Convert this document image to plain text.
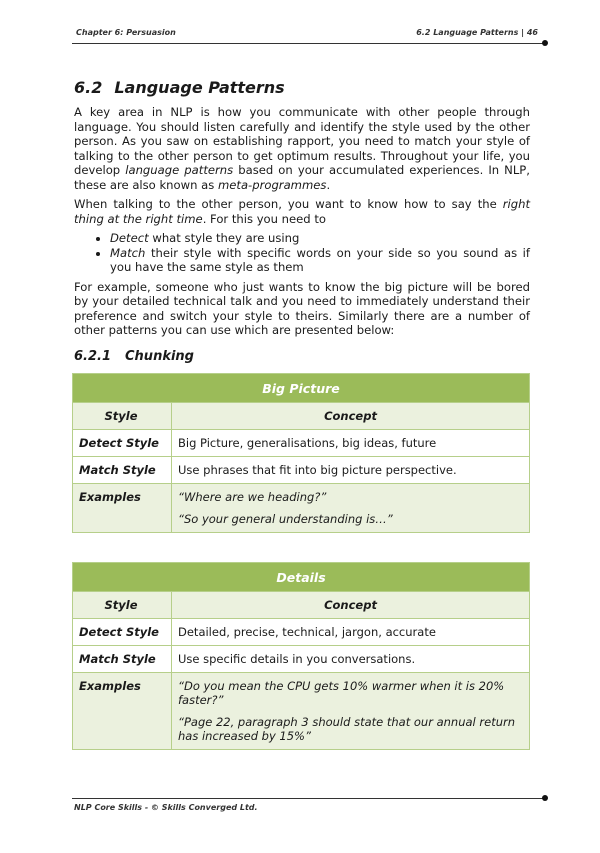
Chapter 6: Persuasion	6.2 Language Patterns | 46
6.2 Language Patterns

A key area in NLP is how you communicate with other people through language. You should listen carefully and identify the style used by the other person. As you saw on establishing rapport, you need to match your style of talking to the other person to get optimum results. Throughout your life, you develop language patterns based on your accumulated experiences. In NLP, these are also known as meta-programmes.

When talking to the other person, you want to know how to say the right thing at the right time. For this you need to

• Detect what style they are using
• Match their style with specific words on your side so you sound as if you have the same style as them

For example, someone who just wants to know the big picture will be bored by your detailed technical talk and you need to immediately understand their preference and switch your style to theirs. Similarly there are a number of other patterns you can use which are presented below:

6.2.1 Chunking
Big Picture	
Style	Concept
Detect Style	Big Picture, generalisations, big ideas, future
Match Style	Use phrases that fit into big picture perspective.
Examples	“Where are we heading?”
“So your general understanding is…”
Details	
Style	Concept
Detect Style	Detailed, precise, technical, jargon, accurate
Match Style	Use specific details in you conversations.
Examples	“Do you mean the CPU gets 10% warmer when it is 20% faster?”
“Page 22, paragraph 3 should state that our annual return has increased by 15%”
NLP Core Skills - © Skills Converged Ltd.
